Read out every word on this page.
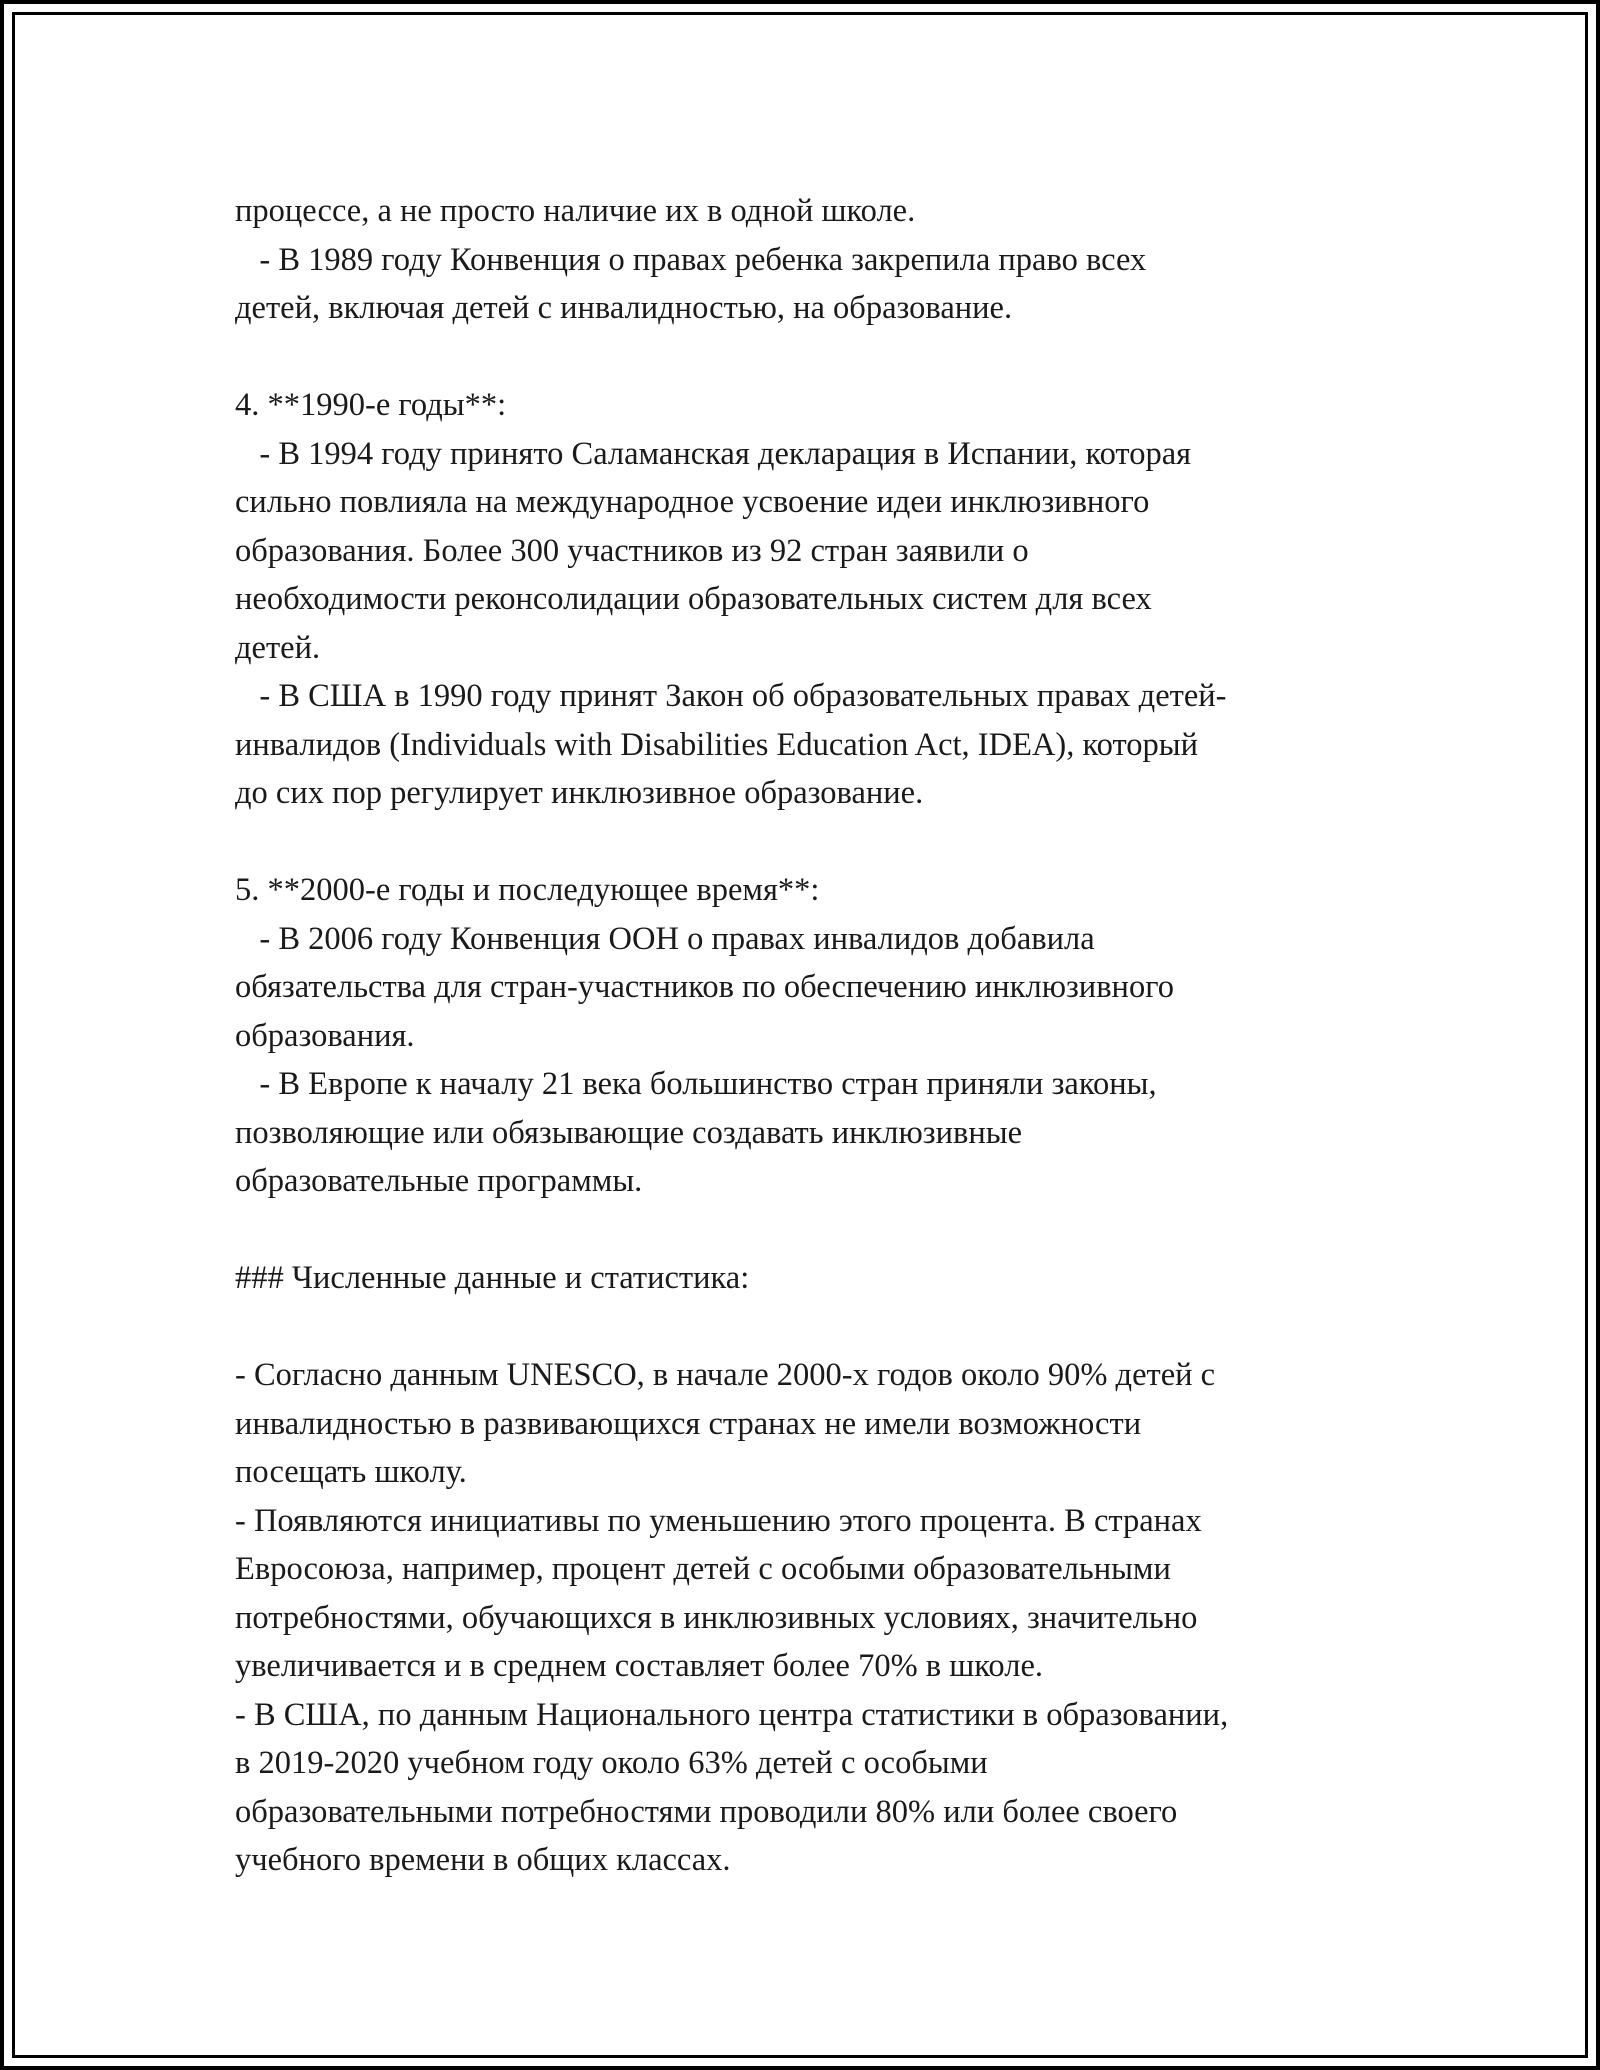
процессе, а не просто наличие их в одной школе.
- В 1989 году Конвенция о правах ребенка закрепила право всех
детей, включая детей с инвалидностью, на образование.
4. **1990-е годы**:
- В 1994 году принято Саламанская декларация в Испании, которая
сильно повлияла на международное усвоение идеи инклюзивного
образования. Более 300 участников из 92 стран заявили о
необходимости реконсолидации образовательных систем для всех
детей.
- В США в 1990 году принят Закон об образовательных правах детей-
инвалидов (Individuals with Disabilities Education Act, IDEA), который
до сих пор регулирует инклюзивное образование.
5. **2000-е годы и последующее время**:
- В 2006 году Конвенция ООН о правах инвалидов добавила
обязательства для стран-участников по обеспечению инклюзивного
образования.
- В Европе к началу 21 века большинство стран приняли законы,
позволяющие или обязывающие создавать инклюзивные
образовательные программы.
### Численные данные и статистика:
- Согласно данным UNESCO, в начале 2000-х годов около 90% детей с
инвалидностью в развивающихся странах не имели возможности
посещать школу.
- Появляются инициативы по уменьшению этого процента. В странах
Евросоюза, например, процент детей с особыми образовательными
потребностями, обучающихся в инклюзивных условиях, значительно
увеличивается и в среднем составляет более 70% в школе.
- В США, по данным Национального центра статистики в образовании,
в 2019-2020 учебном году около 63% детей с особыми
образовательными потребностями проводили 80% или более своего
учебного времени в общих классах.
